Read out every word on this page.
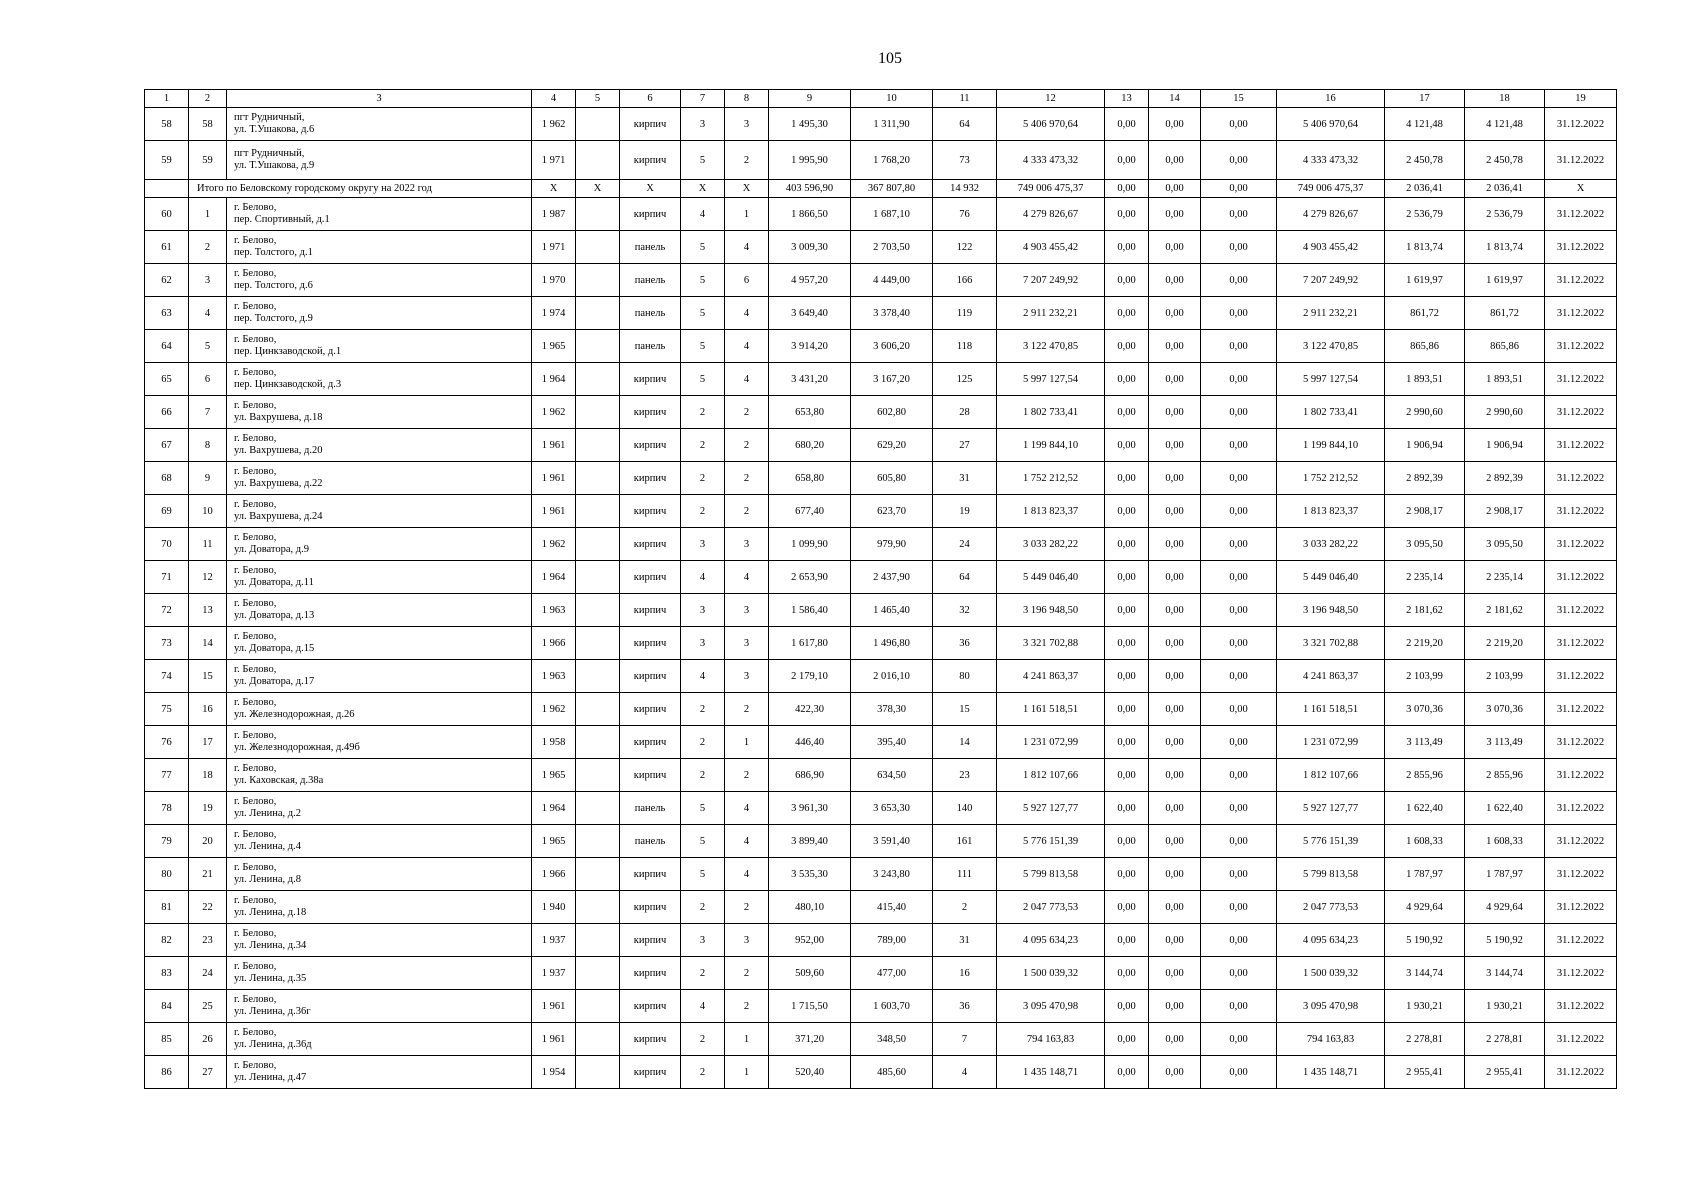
105
1	2	3	4	5	6	7	8	9	10	11	12	13	14	15	16	17	18	19
58	58	пгт Рудничный,
ул. Т.Ушакова, д.6	1 962		кирпич	3	3	1 495,30	1 311,90	64	5 406 970,64	0,00	0,00	0,00	5 406 970,64	4 121,48	4 121,48	31.12.2022
59	59	пгт Рудничный,
ул. Т.Ушакова, д.9	1 971		кирпич	5	2	1 995,90	1 768,20	73	4 333 473,32	0,00	0,00	0,00	4 333 473,32	2 450,78	2 450,78	31.12.2022
	Итого по Беловскому городскому округу на 2022 год		X	X	X	X	X	403 596,90	367 807,80	14 932	749 006 475,37	0,00	0,00	0,00	749 006 475,37	2 036,41	2 036,41	X
60	1	г. Белово,
пер. Спортивный, д.1	1 987		кирпич	4	1	1 866,50	1 687,10	76	4 279 826,67	0,00	0,00	0,00	4 279 826,67	2 536,79	2 536,79	31.12.2022
61	2	г. Белово,
пер. Толстого, д.1	1 971		панель	5	4	3 009,30	2 703,50	122	4 903 455,42	0,00	0,00	0,00	4 903 455,42	1 813,74	1 813,74	31.12.2022
62	3	г. Белово,
пер. Толстого, д.6	1 970		панель	5	6	4 957,20	4 449,00	166	7 207 249,92	0,00	0,00	0,00	7 207 249,92	1 619,97	1 619,97	31.12.2022
63	4	г. Белово,
пер. Толстого, д.9	1 974		панель	5	4	3 649,40	3 378,40	119	2 911 232,21	0,00	0,00	0,00	2 911 232,21	861,72	861,72	31.12.2022
64	5	г. Белово,
пер. Цинкзаводской, д.1	1 965		панель	5	4	3 914,20	3 606,20	118	3 122 470,85	0,00	0,00	0,00	3 122 470,85	865,86	865,86	31.12.2022
65	6	г. Белово,
пер. Цинкзаводской, д.3	1 964		кирпич	5	4	3 431,20	3 167,20	125	5 997 127,54	0,00	0,00	0,00	5 997 127,54	1 893,51	1 893,51	31.12.2022
66	7	г. Белово,
ул. Вахрушева, д.18	1 962		кирпич	2	2	653,80	602,80	28	1 802 733,41	0,00	0,00	0,00	1 802 733,41	2 990,60	2 990,60	31.12.2022
67	8	г. Белово,
ул. Вахрушева, д.20	1 961		кирпич	2	2	680,20	629,20	27	1 199 844,10	0,00	0,00	0,00	1 199 844,10	1 906,94	1 906,94	31.12.2022
68	9	г. Белово,
ул. Вахрушева, д.22	1 961		кирпич	2	2	658,80	605,80	31	1 752 212,52	0,00	0,00	0,00	1 752 212,52	2 892,39	2 892,39	31.12.2022
69	10	г. Белово,
ул. Вахрушева, д.24	1 961		кирпич	2	2	677,40	623,70	19	1 813 823,37	0,00	0,00	0,00	1 813 823,37	2 908,17	2 908,17	31.12.2022
70	11	г. Белово,
ул. Доватора, д.9	1 962		кирпич	3	3	1 099,90	979,90	24	3 033 282,22	0,00	0,00	0,00	3 033 282,22	3 095,50	3 095,50	31.12.2022
71	12	г. Белово,
ул. Доватора, д.11	1 964		кирпич	4	4	2 653,90	2 437,90	64	5 449 046,40	0,00	0,00	0,00	5 449 046,40	2 235,14	2 235,14	31.12.2022
72	13	г. Белово,
ул. Доватора, д.13	1 963		кирпич	3	3	1 586,40	1 465,40	32	3 196 948,50	0,00	0,00	0,00	3 196 948,50	2 181,62	2 181,62	31.12.2022
73	14	г. Белово,
ул. Доватора, д.15	1 966		кирпич	3	3	1 617,80	1 496,80	36	3 321 702,88	0,00	0,00	0,00	3 321 702,88	2 219,20	2 219,20	31.12.2022
74	15	г. Белово,
ул. Доватора, д.17	1 963		кирпич	4	3	2 179,10	2 016,10	80	4 241 863,37	0,00	0,00	0,00	4 241 863,37	2 103,99	2 103,99	31.12.2022
75	16	г. Белово,
ул. Железнодорожная, д.26	1 962		кирпич	2	2	422,30	378,30	15	1 161 518,51	0,00	0,00	0,00	1 161 518,51	3 070,36	3 070,36	31.12.2022
76	17	г. Белово,
ул. Железнодорожная, д.49б	1 958		кирпич	2	1	446,40	395,40	14	1 231 072,99	0,00	0,00	0,00	1 231 072,99	3 113,49	3 113,49	31.12.2022
77	18	г. Белово,
ул. Каховская, д.38а	1 965		кирпич	2	2	686,90	634,50	23	1 812 107,66	0,00	0,00	0,00	1 812 107,66	2 855,96	2 855,96	31.12.2022
78	19	г. Белово,
ул. Ленина, д.2	1 964		панель	5	4	3 961,30	3 653,30	140	5 927 127,77	0,00	0,00	0,00	5 927 127,77	1 622,40	1 622,40	31.12.2022
79	20	г. Белово,
ул. Ленина, д.4	1 965		панель	5	4	3 899,40	3 591,40	161	5 776 151,39	0,00	0,00	0,00	5 776 151,39	1 608,33	1 608,33	31.12.2022
80	21	г. Белово,
ул. Ленина, д.8	1 966		кирпич	5	4	3 535,30	3 243,80	111	5 799 813,58	0,00	0,00	0,00	5 799 813,58	1 787,97	1 787,97	31.12.2022
81	22	г. Белово,
ул. Ленина, д.18	1 940		кирпич	2	2	480,10	415,40	2	2 047 773,53	0,00	0,00	0,00	2 047 773,53	4 929,64	4 929,64	31.12.2022
82	23	г. Белово,
ул. Ленина, д.34	1 937		кирпич	3	3	952,00	789,00	31	4 095 634,23	0,00	0,00	0,00	4 095 634,23	5 190,92	5 190,92	31.12.2022
83	24	г. Белово,
ул. Ленина, д.35	1 937		кирпич	2	2	509,60	477,00	16	1 500 039,32	0,00	0,00	0,00	1 500 039,32	3 144,74	3 144,74	31.12.2022
84	25	г. Белово,
ул. Ленина, д.36г	1 961		кирпич	4	2	1 715,50	1 603,70	36	3 095 470,98	0,00	0,00	0,00	3 095 470,98	1 930,21	1 930,21	31.12.2022
85	26	г. Белово,
ул. Ленина, д.36д	1 961		кирпич	2	1	371,20	348,50	7	794 163,83	0,00	0,00	0,00	794 163,83	2 278,81	2 278,81	31.12.2022
86	27	г. Белово,
ул. Ленина, д.47	1 954		кирпич	2	1	520,40	485,60	4	1 435 148,71	0,00	0,00	0,00	1 435 148,71	2 955,41	2 955,41	31.12.2022
